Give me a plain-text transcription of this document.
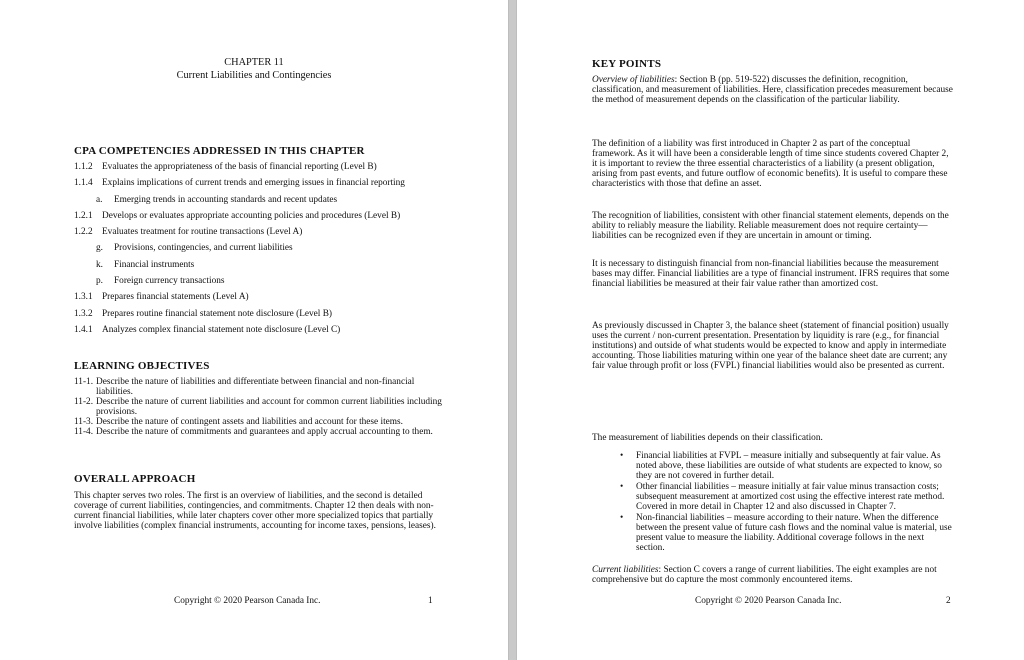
CHAPTER 11
Current Liabilities and Contingencies
CPA COMPETENCIES ADDRESSED IN THIS CHAPTER
1.1.2	Evaluates the appropriateness of the basis of financial reporting (Level B)
1.1.4	Explains implications of current trends and emerging issues in financial reporting
a.	Emerging trends in accounting standards and recent updates
1.2.1	Develops or evaluates appropriate accounting policies and procedures (Level B)
1.2.2	Evaluates treatment for routine transactions (Level A)
g.	Provisions, contingencies, and current liabilities
k.	Financial instruments
p.	Foreign currency transactions
1.3.1	Prepares financial statements (Level A)
1.3.2	Prepares routine financial statement note disclosure (Level B)
1.4.1	Analyzes complex financial statement note disclosure (Level C)
LEARNING OBJECTIVES
11-1. Describe the nature of liabilities and differentiate between financial and non-financial liabilities.
11-2. Describe the nature of current liabilities and account for common current liabilities including provisions.
11-3. Describe the nature of contingent assets and liabilities and account for these items.
11-4. Describe the nature of commitments and guarantees and apply accrual accounting to them.
OVERALL APPROACH
This chapter serves two roles. The first is an overview of liabilities, and the second is detailed coverage of current liabilities, contingencies, and commitments. Chapter 12 then deals with non-current financial liabilities, while later chapters cover other more specialized topics that partially involve liabilities (complex financial instruments, accounting for income taxes, pensions, leases).
Copyright © 2020 Pearson Canada Inc.	1
KEY POINTS
Overview of liabilities: Section B (pp. 519-522) discusses the definition, recognition, classification, and measurement of liabilities. Here, classification precedes measurement because the method of measurement depends on the classification of the particular liability.
The definition of a liability was first introduced in Chapter 2 as part of the conceptual framework. As it will have been a considerable length of time since students covered Chapter 2, it is important to review the three essential characteristics of a liability (a present obligation, arising from past events, and future outflow of economic benefits). It is useful to compare these characteristics with those that define an asset.
The recognition of liabilities, consistent with other financial statement elements, depends on the ability to reliably measure the liability. Reliable measurement does not require certainty—liabilities can be recognized even if they are uncertain in amount or timing.
It is necessary to distinguish financial from non-financial liabilities because the measurement bases may differ. Financial liabilities are a type of financial instrument. IFRS requires that some financial liabilities be measured at their fair value rather than amortized cost.
As previously discussed in Chapter 3, the balance sheet (statement of financial position) usually uses the current / non-current presentation. Presentation by liquidity is rare (e.g., for financial institutions) and outside of what students would be expected to know and apply in intermediate accounting. Those liabilities maturing within one year of the balance sheet date are current; any fair value through profit or loss (FVPL) financial liabilities would also be presented as current.
The measurement of liabilities depends on their classification.
• Financial liabilities at FVPL – measure initially and subsequently at fair value. As noted above, these liabilities are outside of what students are expected to know, so they are not covered in further detail.
• Other financial liabilities – measure initially at fair value minus transaction costs; subsequent measurement at amortized cost using the effective interest rate method. Covered in more detail in Chapter 12 and also discussed in Chapter 7.
• Non-financial liabilities – measure according to their nature. When the difference between the present value of future cash flows and the nominal value is material, use present value to measure the liability. Additional coverage follows in the next section.
Current liabilities: Section C covers a range of current liabilities. The eight examples are not comprehensive but do capture the most commonly encountered items.
Copyright © 2020 Pearson Canada Inc.	2
